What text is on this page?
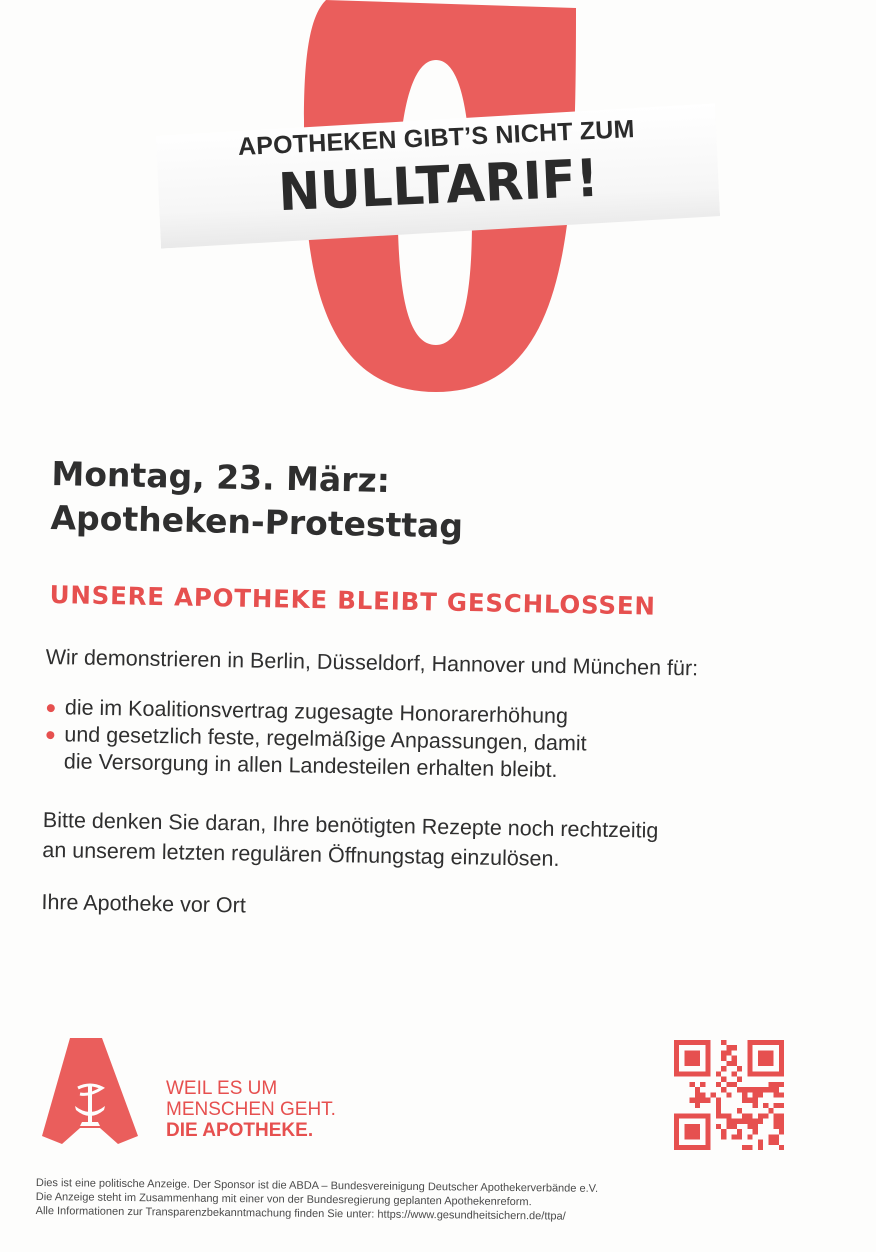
APOTHEKEN GIBT’S NICHT ZUM
NULLTARIF!
Montag, 23. März:
Apotheken-Protesttag
UNSERE APOTHEKE BLEIBT GESCHLOSSEN

Wir demonstrieren in Berlin, Düsseldorf, Hannover und München für:

die im Koalitionsvertrag zugesagte Honorarerhöhung
und gesetzlich feste, regelmäßige Anpassungen, damit
die Versorgung in allen Landesteilen erhalten bleibt.

Bitte denken Sie daran, Ihre benötigten Rezepte noch rechtzeitig

an unserem letzten regulären Öffnungstag einzulösen.

Ihre Apotheke vor Ort

WEIL ES UM
MENSCHEN GEHT.
DIE APOTHEKE.
Dies ist eine politische Anzeige. Der Sponsor ist die ABDA – Bundesvereinigung Deutscher Apothekerverbände e.V.
Die Anzeige steht im Zusammenhang mit einer von der Bundesregierung geplanten Apothekenreform.
Alle Informationen zur Transparenzbekanntmachung finden Sie unter: https://www.gesundheitsichern.de/ttpa/
